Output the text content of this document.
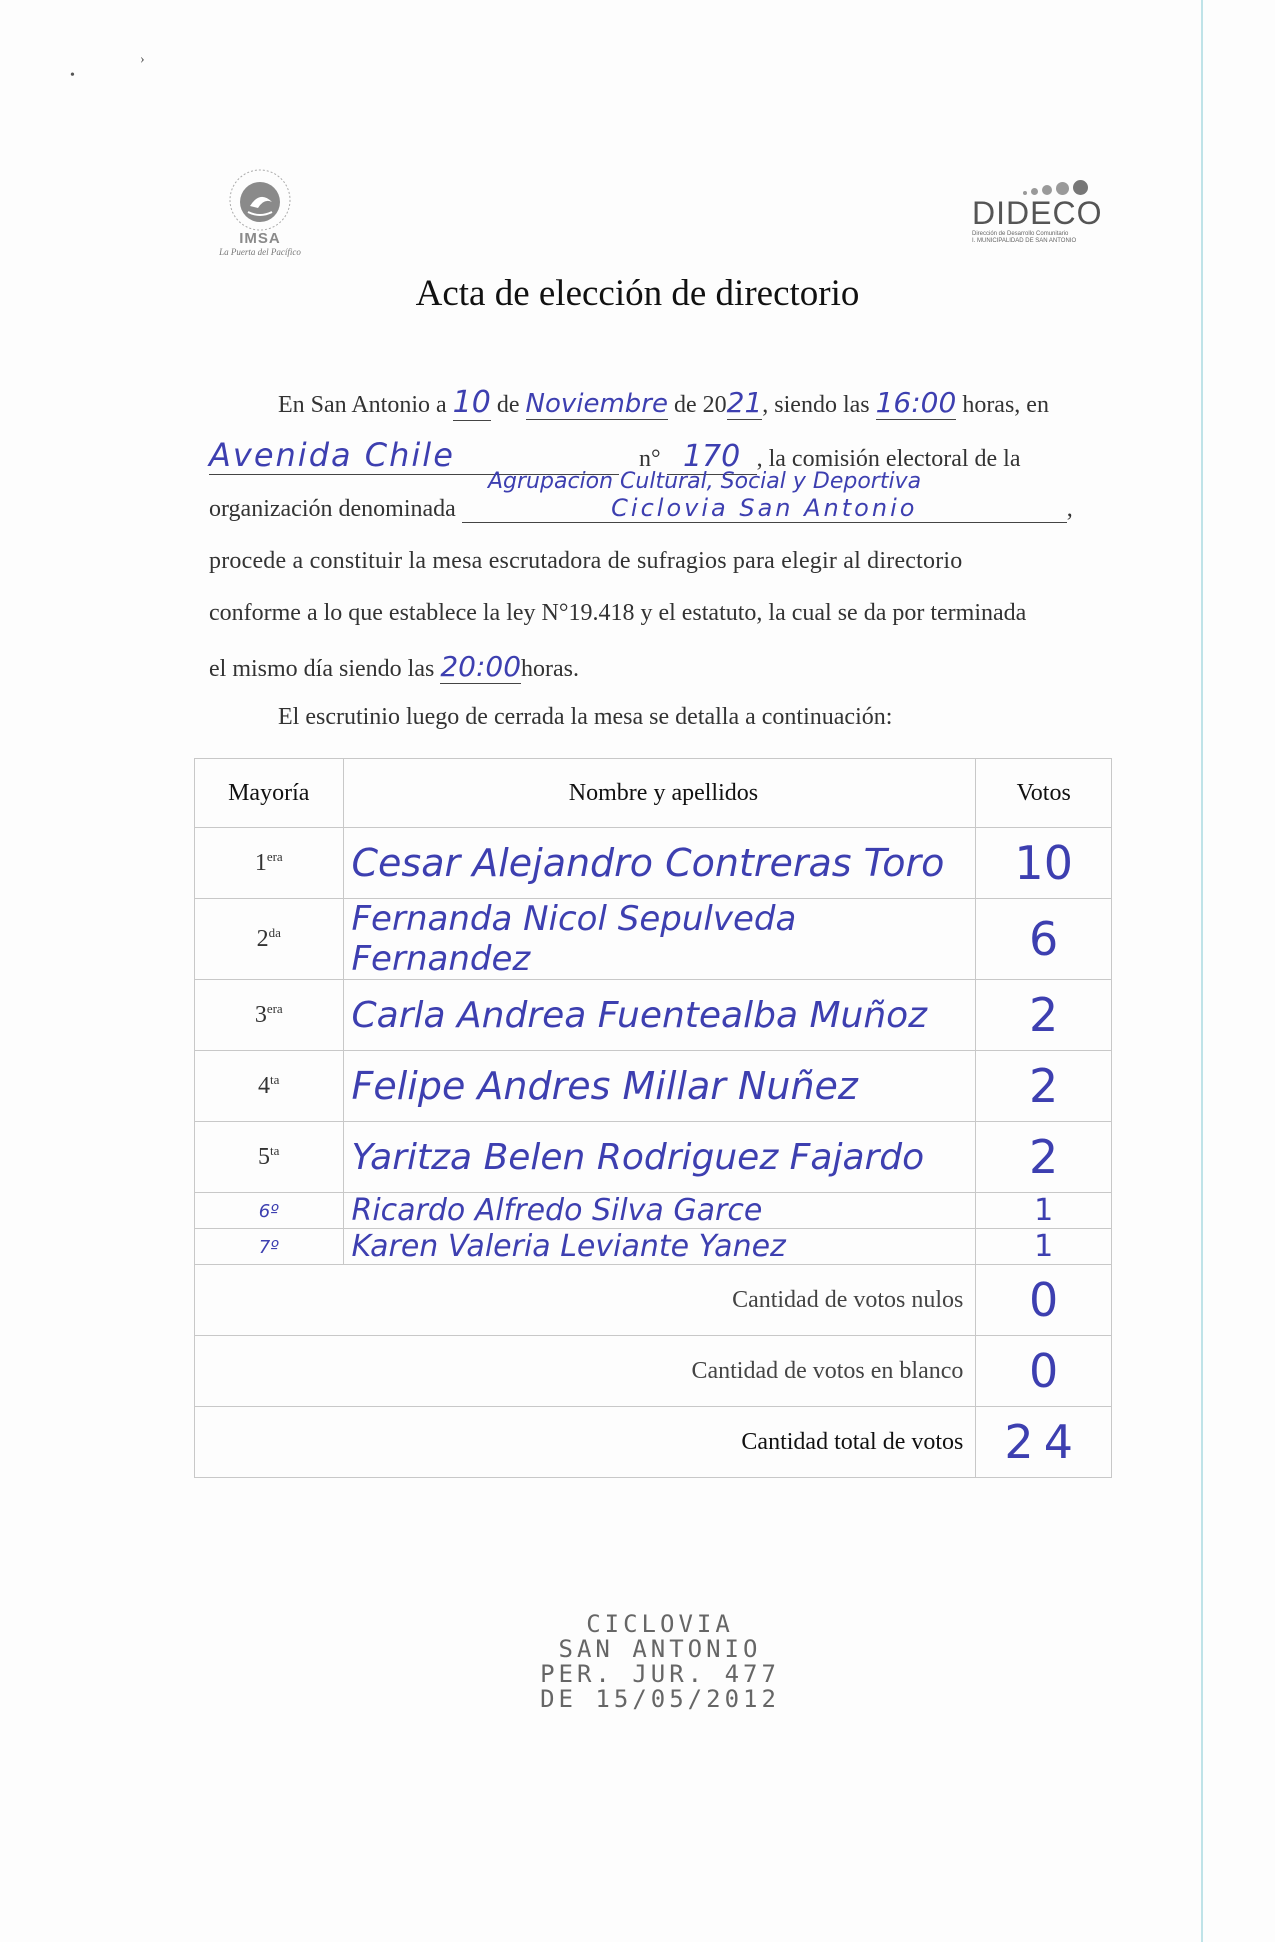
•
›
IMSA
La Puerta del Pacífico
DIDECO
Dirección de Desarrollo Comunitario
I. MUNICIPALIDAD DE SAN ANTONIO
Acta de elección de directorio
En San Antonio a 10 de Noviembre de 2021, siendo las 16:00 horas, en
Avenida Chile	n° 170 , la comisión electoral de la
Agrupacion Cultural, Social y Deportiva
organización denominada	Ciclovia San Antonio	,
procede a constituir la mesa escrutadora de sufragios para elegir al directorio
conforme a lo que establece la ley N°19.418 y el estatuto, la cual se da por terminada
el mismo día siendo las 20:00horas.
El escrutinio luego de cerrada la mesa se detalla a continuación:
Mayoría	Nombre y apellidos	Votos
$1^{era}$	Cesar Alejandro Contreras Toro	10
$2^{da}$	Fernanda Nicol Sepulveda Fernandez	6
$3^{era}$	Carla Andrea Fuentealba Muñoz	2
$4^{ta}$	Felipe Andres Millar Nuñez	2
$5^{ta}$	Yaritza Belen Rodriguez Fajardo	2
6º	Ricardo Alfredo Silva Garce	1
7º	Karen Valeria Leviante Yanez	1
Cantidad de votos nulos		0
Cantidad de votos en blanco		0
Cantidad total de votos		24
CICLOVIA
SAN ANTONIO
PER. JUR. 477
DE 15/05/2012
